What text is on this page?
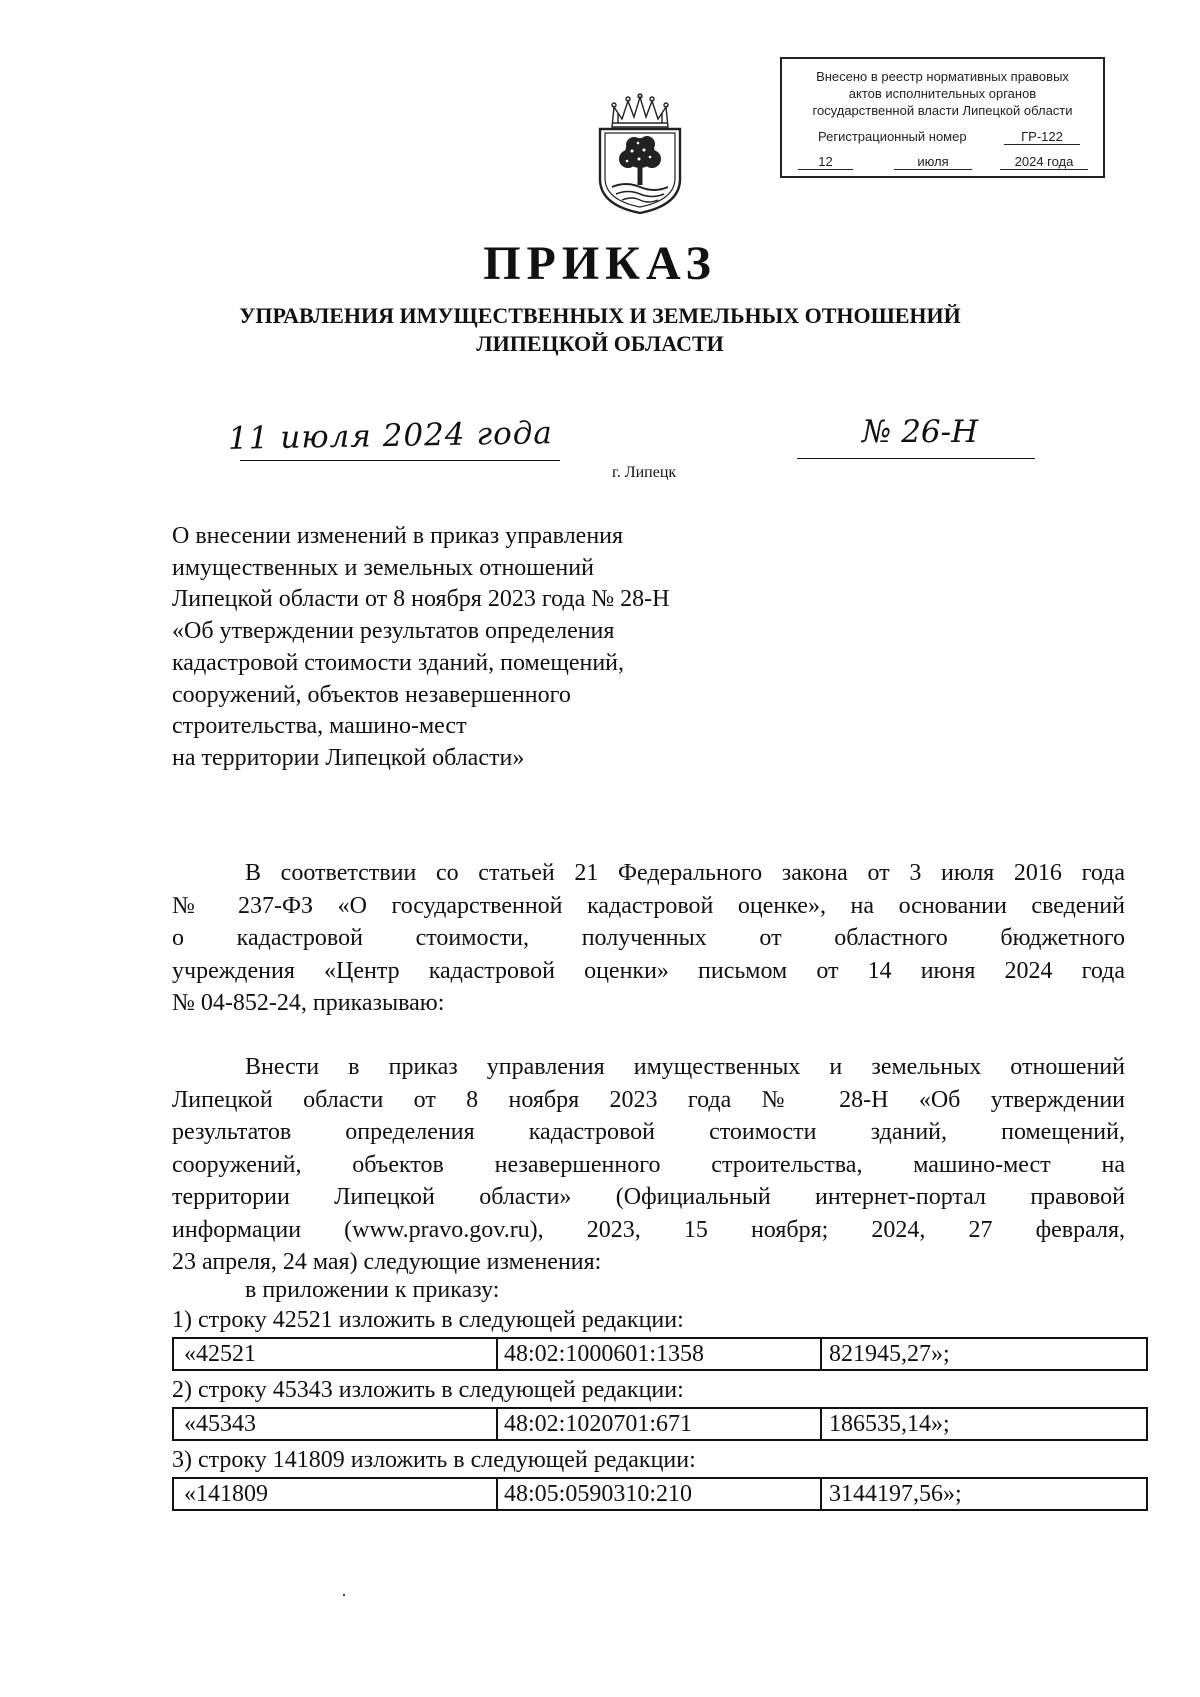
Внесено в реестр нормативных правовых
актов исполнительных органов
государственной власти Липецкой области
Регистрационный номер	ГР-122
12	июля	2024 года
ПРИКАЗ
УПРАВЛЕНИЯ ИМУЩЕСТВЕННЫХ И ЗЕМЕЛЬНЫХ ОТНОШЕНИЙ
ЛИПЕЦКОЙ ОБЛАСТИ
11 июля 2024 года	№ 26-Н
г. Липецк
О внесении изменений в приказ управления
имущественных и земельных отношений
Липецкой области от 8 ноября 2023 года № 28-Н
«Об утверждении результатов определения
кадастровой стоимости зданий, помещений,
сооружений, объектов незавершенного
строительства, машино-мест
на территории Липецкой области»
В соответствии со статьей 21 Федерального закона от 3 июля 2016 года
№ 237-ФЗ «О государственной кадастровой оценке», на основании сведений
о кадастровой стоимости, полученных от областного бюджетного
учреждения «Центр кадастровой оценки» письмом от 14 июня 2024 года
№ 04-852-24, приказываю:
Внести в приказ управления имущественных и земельных отношений
Липецкой области от 8 ноября 2023 года № 28-Н «Об утверждении
результатов определения кадастровой стоимости зданий, помещений,
сооружений, объектов незавершенного строительства, машино-мест на
территории Липецкой области» (Официальный интернет-портал правовой
информации (www.pravo.gov.ru), 2023, 15 ноября; 2024, 27 февраля,
23 апреля, 24 мая) следующие изменения:
в приложении к приказу:
1) строку 42521 изложить в следующей редакции:
«42521	48:02:1000601:1358	821945,27»;
2) строку 45343 изложить в следующей редакции:
«45343	48:02:1020701:671	186535,14»;
3) строку 141809 изложить в следующей редакции:
«141809	48:05:0590310:210	3144197,56»;
